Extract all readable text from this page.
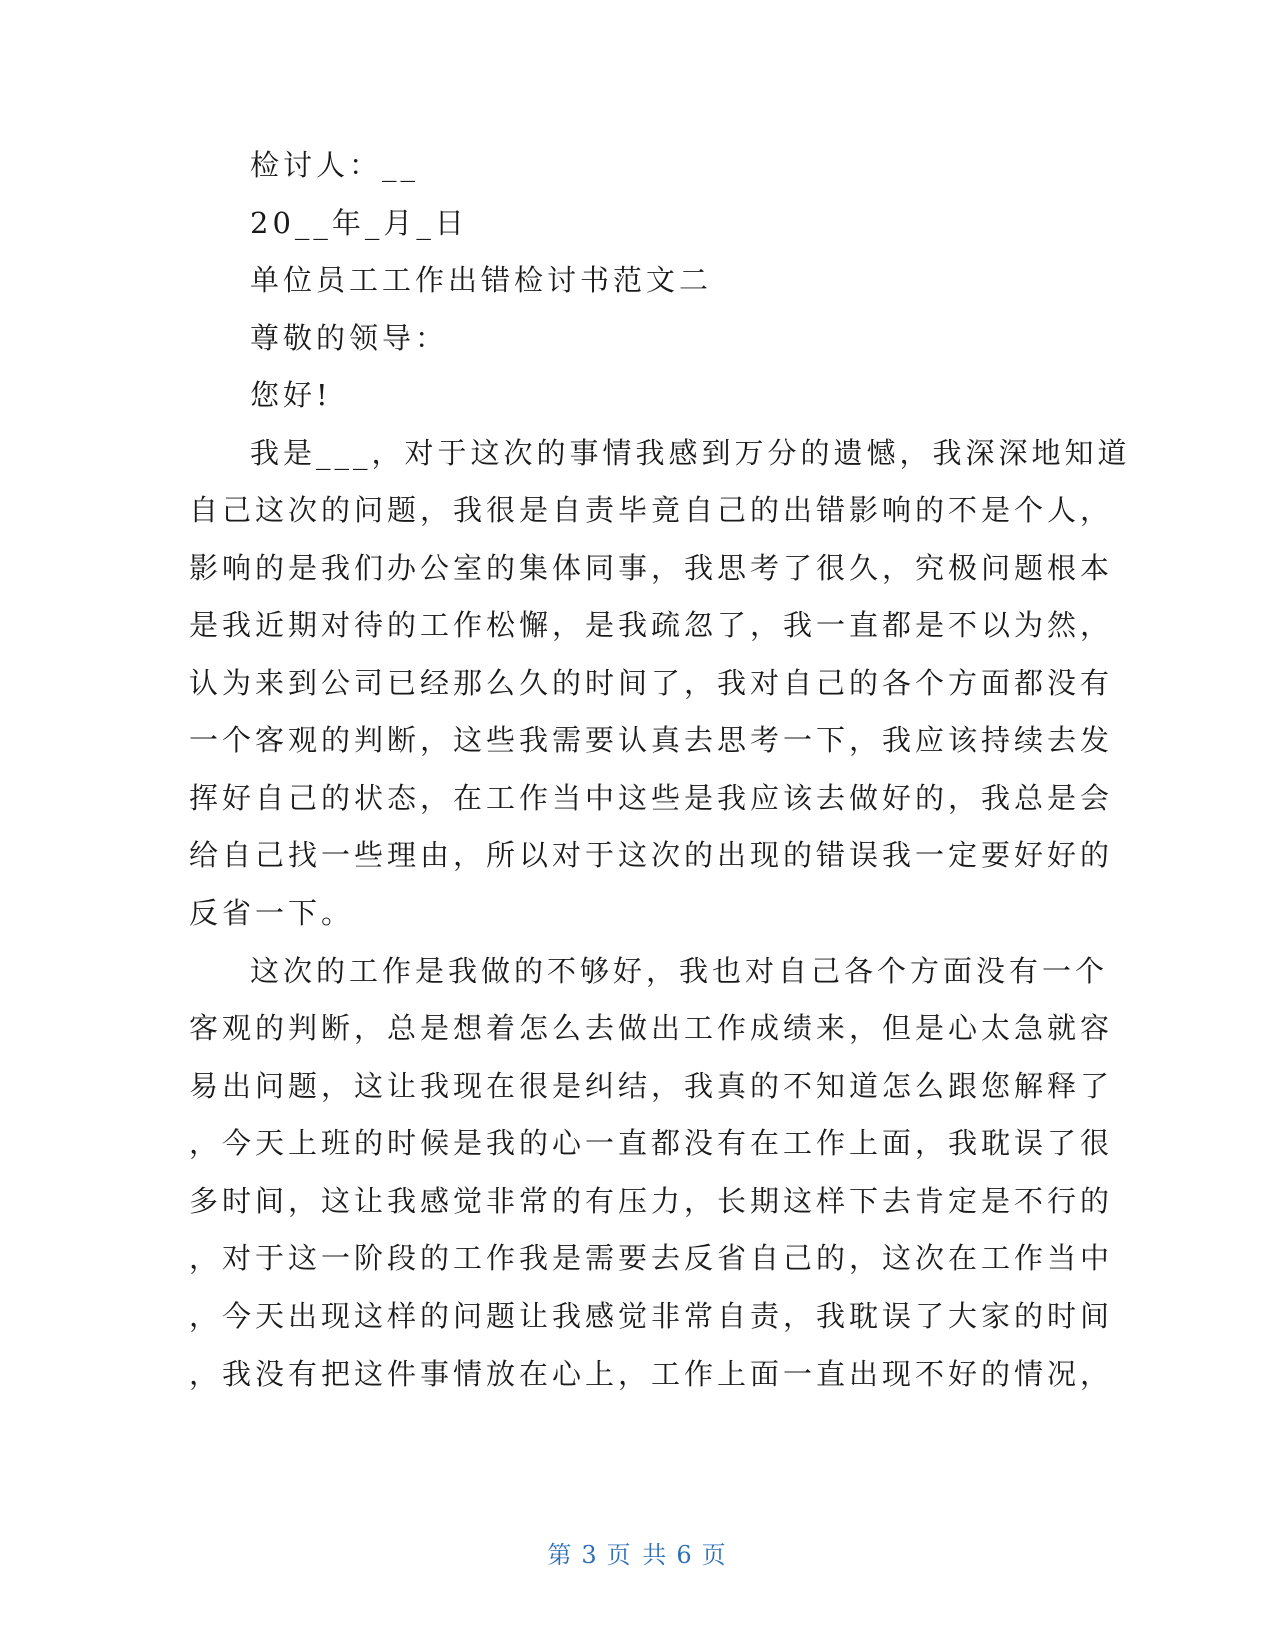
检讨人：__
20__年_月_日
单位员工工作出错检讨书范文二
尊敬的领导：
您好!
我是___，对于这次的事情我感到万分的遗憾，我深深地知道
自己这次的问题，我很是自责毕竟自己的出错影响的不是个人，
影响的是我们办公室的集体同事，我思考了很久，究极问题根本
是我近期对待的工作松懈，是我疏忽了，我一直都是不以为然，
认为来到公司已经那么久的时间了，我对自己的各个方面都没有
一个客观的判断，这些我需要认真去思考一下，我应该持续去发
挥好自己的状态，在工作当中这些是我应该去做好的，我总是会
给自己找一些理由，所以对于这次的出现的错误我一定要好好的
反省一下。
这次的工作是我做的不够好，我也对自己各个方面没有一个
客观的判断，总是想着怎么去做出工作成绩来，但是心太急就容
易出问题，这让我现在很是纠结，我真的不知道怎么跟您解释了
，今天上班的时候是我的心一直都没有在工作上面，我耽误了很
多时间，这让我感觉非常的有压力，长期这样下去肯定是不行的
，对于这一阶段的工作我是需要去反省自己的，这次在工作当中
，今天出现这样的问题让我感觉非常自责，我耽误了大家的时间
，我没有把这件事情放在心上，工作上面一直出现不好的情况，
第 3 页 共 6 页
